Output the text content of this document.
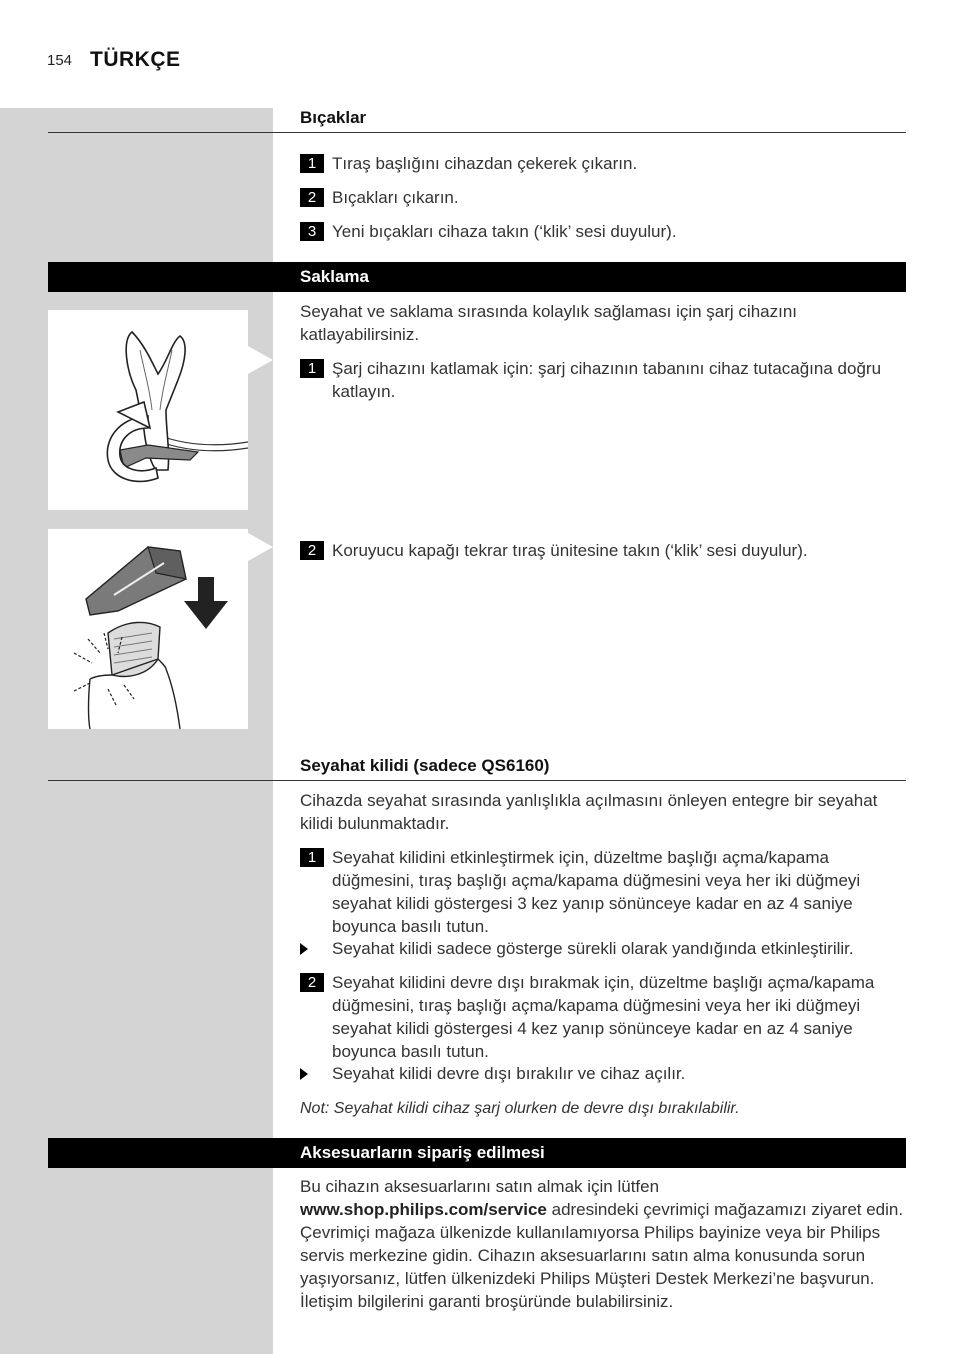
154 TÜRKÇE
Bıçaklar
1 Tıraş başlığını cihazdan çekerek çıkarın.
2 Bıçakları çıkarın.
3 Yeni bıçakları cihaza takın (‘klik’ sesi duyulur).
Saklama
Seyahat ve saklama sırasında kolaylık sağlaması için şarj cihazını katlayabilirsiniz.
1 Şarj cihazını katlamak için: şarj cihazının tabanını cihaz tutacağına doğru katlayın.
2 Koruyucu kapağı tekrar tıraş ünitesine takın (‘klik’ sesi duyulur).
Seyahat kilidi (sadece QS6160)
Cihazda seyahat sırasında yanlışlıkla açılmasını önleyen entegre bir seyahat kilidi bulunmaktadır.
1 Seyahat kilidini etkinleştirmek için, düzeltme başlığı açma/kapama düğmesini, tıraş başlığı açma/kapama düğmesini veya her iki düğmeyi seyahat kilidi göstergesi 3 kez yanıp sönünceye kadar en az 4 saniye boyunca basılı tutun.
Seyahat kilidi sadece gösterge sürekli olarak yandığında etkinleştirilir.
2 Seyahat kilidini devre dışı bırakmak için, düzeltme başlığı açma/kapama düğmesini, tıraş başlığı açma/kapama düğmesini veya her iki düğmeyi seyahat kilidi göstergesi 4 kez yanıp sönünceye kadar en az 4 saniye boyunca basılı tutun.
Seyahat kilidi devre dışı bırakılır ve cihaz açılır.
Not: Seyahat kilidi cihaz şarj olurken de devre dışı bırakılabilir.
Aksesuarların sipariş edilmesi
Bu cihazın aksesuarlarını satın almak için lütfen www.shop.philips.com/service adresindeki çevrimiçi mağazamızı ziyaret edin. Çevrimiçi mağaza ülkenizde kullanılamıyorsa Philips bayinize veya bir Philips servis merkezine gidin. Cihazın aksesuarlarını satın alma konusunda sorun yaşıyorsanız, lütfen ülkenizdeki Philips Müşteri Destek Merkezi’ne başvurun. İletişim bilgilerini garanti broşüründe bulabilirsiniz.
